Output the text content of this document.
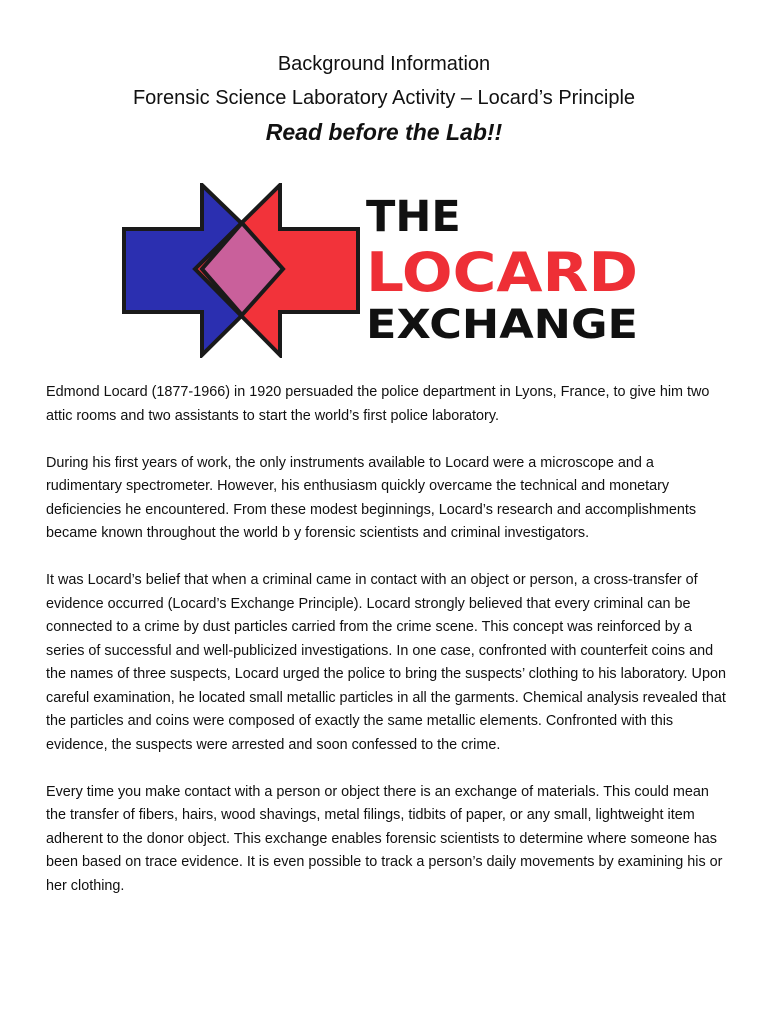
Background Information
Forensic Science Laboratory Activity – Locard’s Principle
Read before the Lab!!
THE
LOCARD
EXCHANGE

Edmond Locard (1877-1966) in 1920 persuaded the police department in Lyons, France, to give him two attic rooms and two assistants to start the world’s first police laboratory.

During his first years of work, the only instruments available to Locard were a microscope and a rudimentary spectrometer. However, his enthusiasm quickly overcame the technical and monetary deficiencies he encountered. From these modest beginnings, Locard’s research and accomplishments became known throughout the world b y forensic scientists and criminal investigators.

It was Locard’s belief that when a criminal came in contact with an object or person, a cross-transfer of evidence occurred (Locard’s Exchange Principle). Locard strongly believed that every criminal can be connected to a crime by dust particles carried from the crime scene. This concept was reinforced by a series of successful and well-publicized investigations. In one case, confronted with counterfeit coins and the names of three suspects, Locard urged the police to bring the suspects’ clothing to his laboratory. Upon careful examination, he located small metallic particles in all the garments. Chemical analysis revealed that the particles and coins were composed of exactly the same metallic elements. Confronted with this evidence, the suspects were arrested and soon confessed to the crime.

Every time you make contact with a person or object there is an exchange of materials. This could mean the transfer of fibers, hairs, wood shavings, metal filings, tidbits of paper, or any small, lightweight item adherent to the donor object. This exchange enables forensic scientists to determine where someone has been based on trace evidence. It is even possible to track a person’s daily movements by examining his or her clothing.
